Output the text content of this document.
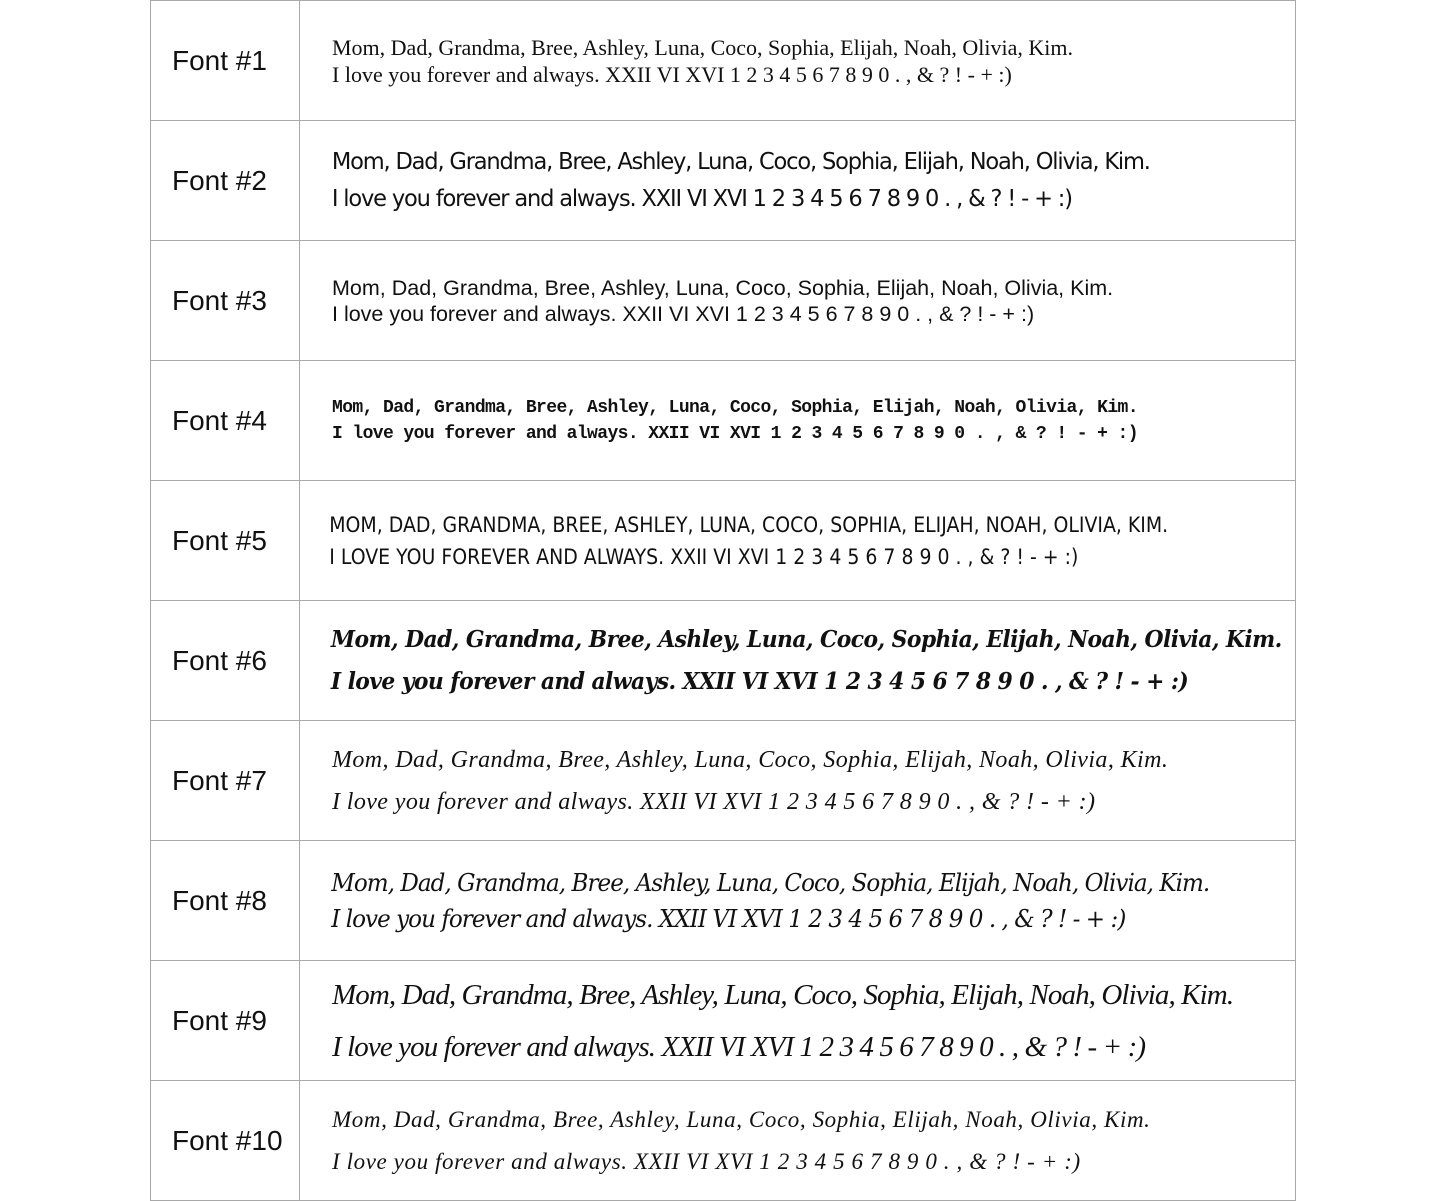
Font #1	Mom, Dad, Grandma, Bree, Ashley, Luna, Coco, Sophia, Elijah, Noah, Olivia, Kim.
I love you forever and always. XXII VI XVI 1 2 3 4 5 6 7 8 9 0 . , & ? ! - + :)

Font #2	Mom, Dad, Grandma, Bree, Ashley, Luna, Coco, Sophia, Elijah, Noah, Olivia, Kim.
I love you forever and always. XXII VI XVI 1 2 3 4 5 6 7 8 9 0 . , & ? ! - + :)

Font #3	Mom, Dad, Grandma, Bree, Ashley, Luna, Coco, Sophia, Elijah, Noah, Olivia, Kim.
I love you forever and always. XXII VI XVI 1 2 3 4 5 6 7 8 9 0 . , & ? ! - + :)

Font #4	Mom, Dad, Grandma, Bree, Ashley, Luna, Coco, Sophia, Elijah, Noah, Olivia, Kim.
I love you forever and always. XXII VI XVI 1 2 3 4 5 6 7 8 9 0 . , & ? ! - + :)

Font #5	MOM, DAD, GRANDMA, BREE, ASHLEY, LUNA, COCO, SOPHIA, ELIJAH, NOAH, OLIVIA, KIM.
I LOVE YOU FOREVER AND ALWAYS. XXII VI XVI 1 2 3 4 5 6 7 8 9 0 . , & ? ! - + :)

Font #6	Mom, Dad, Grandma, Bree, Ashley, Luna, Coco, Sophia, Elijah, Noah, Olivia, Kim.
I love you forever and always. XXII VI XVI 1 2 3 4 5 6 7 8 9 0 . , & ? ! - + :)

Font #7	Mom, Dad, Grandma, Bree, Ashley, Luna, Coco, Sophia, Elijah, Noah, Olivia, Kim.
I love you forever and always. XXII VI XVI 1 2 3 4 5 6 7 8 9 0 . , & ? ! - + :)

Font #8	Mom, Dad, Grandma, Bree, Ashley, Luna, Coco, Sophia, Elijah, Noah, Olivia, Kim.
I love you forever and always. XXII VI XVI 1 2 3 4 5 6 7 8 9 0 . , & ? ! - + :)

Font #9	Mom, Dad, Grandma, Bree, Ashley, Luna, Coco, Sophia, Elijah, Noah, Olivia, Kim.
I love you forever and always. XXII VI XVI 1 2 3 4 5 6 7 8 9 0 . , & ? ! - + :)

Font #10	Mom, Dad, Grandma, Bree, Ashley, Luna, Coco, Sophia, Elijah, Noah, Olivia, Kim.
I love you forever and always. XXII VI XVI 1 2 3 4 5 6 7 8 9 0 . , & ? ! - + :)
